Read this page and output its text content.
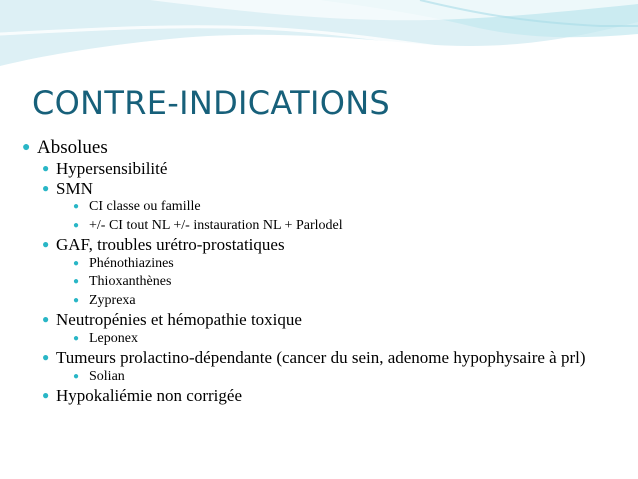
CONTRE-INDICATIONS
● Absolues
● Hypersensibilité
● SMN
● CI classe ou famille
● +/- CI tout NL +/- instauration NL + Parlodel
● GAF, troubles urétro-prostatiques
● Phénothiazines
● Thioxanthènes
● Zyprexa
● Neutropénies et hémopathie toxique
● Leponex
● Tumeurs prolactino-dépendante (cancer du sein, adenome hypophysaire à prl)
● Solian
● Hypokaliémie non corrigée
